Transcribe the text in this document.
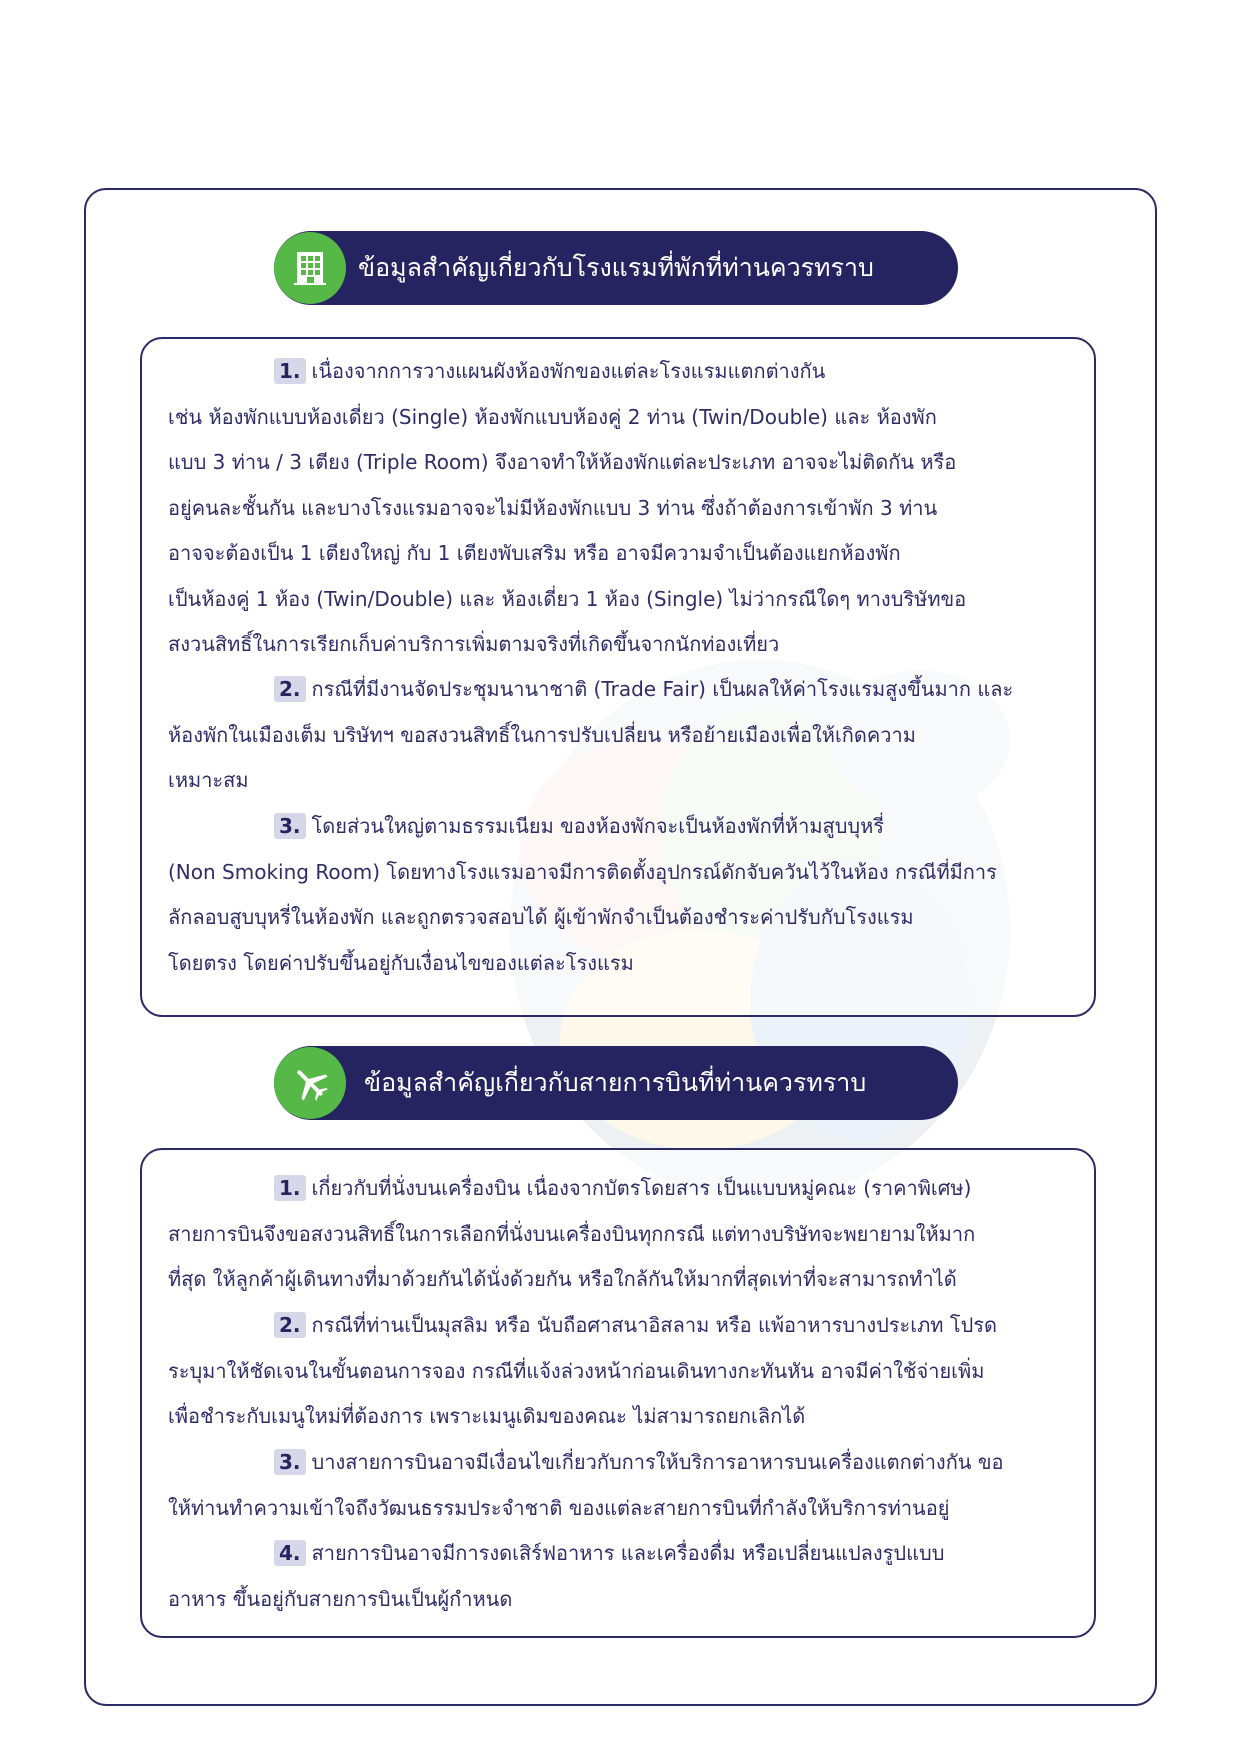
ข้อมูลสำคัญเกี่ยวกับโรงแรมที่พักที่ท่านควรทราบ
1. เนื่องจากการวางแผนผังห้องพักของแต่ละโรงแรมแตกต่างกัน
เช่น ห้องพักแบบห้องเดี่ยว (Single) ห้องพักแบบห้องคู่ 2 ท่าน (Twin/Double) และ ห้องพัก
แบบ 3 ท่าน / 3 เตียง (Triple Room) จึงอาจทำให้ห้องพักแต่ละประเภท อาจจะไม่ติดกัน หรือ
อยู่คนละชั้นกัน และบางโรงแรมอาจจะไม่มีห้องพักแบบ 3 ท่าน ซึ่งถ้าต้องการเข้าพัก 3 ท่าน
อาจจะต้องเป็น 1 เตียงใหญ่ กับ 1 เตียงพับเสริม หรือ อาจมีความจำเป็นต้องแยกห้องพัก
เป็นห้องคู่ 1 ห้อง (Twin/Double) และ ห้องเดี่ยว 1 ห้อง (Single) ไม่ว่ากรณีใดๆ ทางบริษัทขอ
สงวนสิทธิ์ในการเรียกเก็บค่าบริการเพิ่มตามจริงที่เกิดขึ้นจากนักท่องเที่ยว
2. กรณีที่มีงานจัดประชุมนานาชาติ (Trade Fair) เป็นผลให้ค่าโรงแรมสูงขึ้นมาก และ
ห้องพักในเมืองเต็ม บริษัทฯ ขอสงวนสิทธิ์ในการปรับเปลี่ยน หรือย้ายเมืองเพื่อให้เกิดความ
เหมาะสม
3. โดยส่วนใหญ่ตามธรรมเนียม ของห้องพักจะเป็นห้องพักที่ห้ามสูบบุหรี่
(Non Smoking Room) โดยทางโรงแรมอาจมีการติดตั้งอุปกรณ์ดักจับควันไว้ในห้อง กรณีที่มีการ
ลักลอบสูบบุหรี่ในห้องพัก และถูกตรวจสอบได้ ผู้เข้าพักจำเป็นต้องชำระค่าปรับกับโรงแรม
โดยตรง โดยค่าปรับขึ้นอยู่กับเงื่อนไขของแต่ละโรงแรม
ข้อมูลสำคัญเกี่ยวกับสายการบินที่ท่านควรทราบ
1. เกี่ยวกับที่นั่งบนเครื่องบิน เนื่องจากบัตรโดยสาร เป็นแบบหมู่คณะ (ราคาพิเศษ)
สายการบินจึงขอสงวนสิทธิ์ในการเลือกที่นั่งบนเครื่องบินทุกกรณี แต่ทางบริษัทจะพยายามให้มาก
ที่สุด ให้ลูกค้าผู้เดินทางที่มาด้วยกันได้นั่งด้วยกัน หรือใกล้กันให้มากที่สุดเท่าที่จะสามารถทำได้
2. กรณีที่ท่านเป็นมุสลิม หรือ นับถือศาสนาอิสลาม หรือ แพ้อาหารบางประเภท โปรด
ระบุมาให้ชัดเจนในขั้นตอนการจอง กรณีที่แจ้งล่วงหน้าก่อนเดินทางกะทันหัน อาจมีค่าใช้จ่ายเพิ่ม
เพื่อชำระกับเมนูใหม่ที่ต้องการ เพราะเมนูเดิมของคณะ ไม่สามารถยกเลิกได้
3. บางสายการบินอาจมีเงื่อนไขเกี่ยวกับการให้บริการอาหารบนเครื่องแตกต่างกัน ขอ
ให้ท่านทำความเข้าใจถึงวัฒนธรรมประจำชาติ ของแต่ละสายการบินที่กำลังให้บริการท่านอยู่
4. สายการบินอาจมีการงดเสิร์ฟอาหาร และเครื่องดื่ม หรือเปลี่ยนแปลงรูปแบบ
อาหาร ขึ้นอยู่กับสายการบินเป็นผู้กำหนด
